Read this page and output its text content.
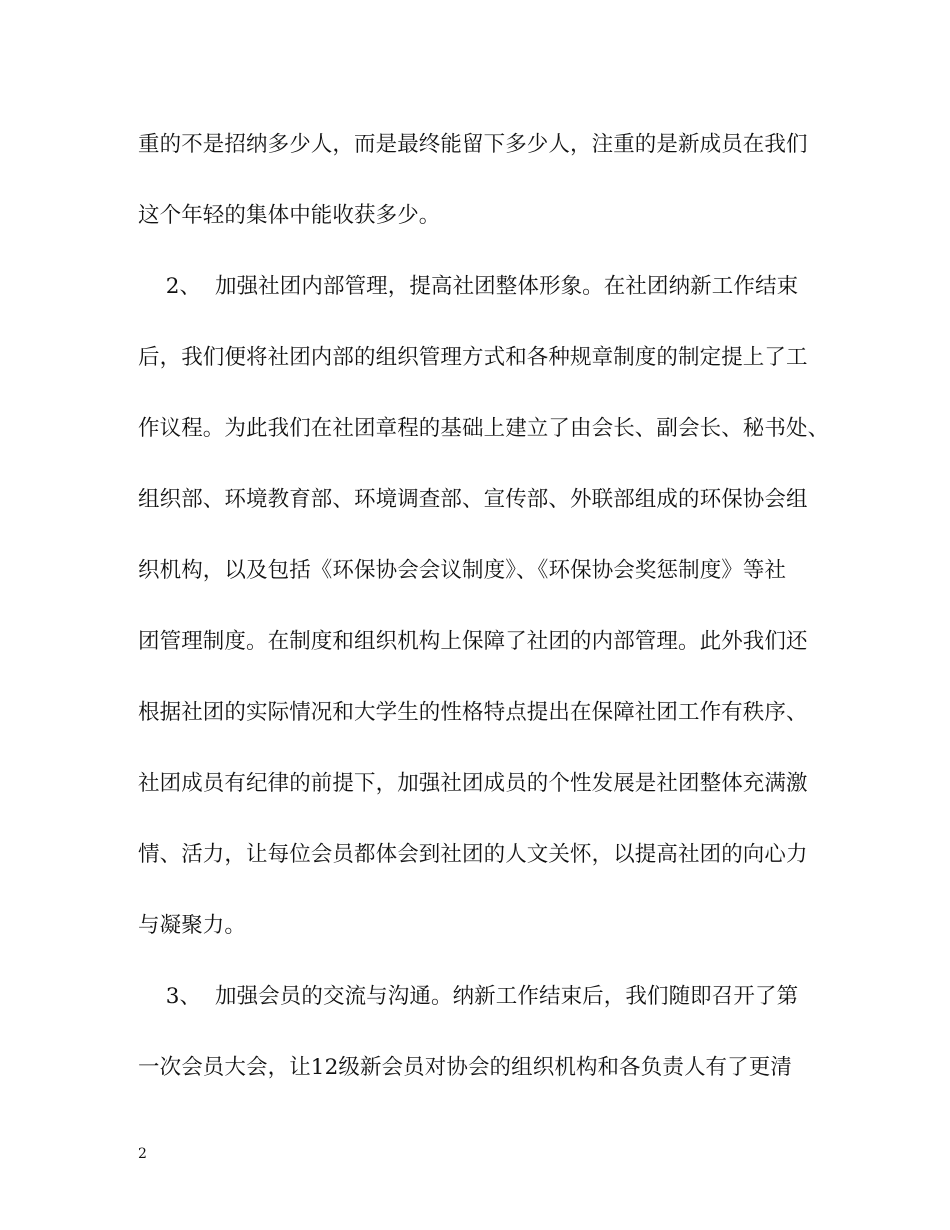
重的不是招纳多少人，而是最终能留下多少人，注重的是新成员在我们
这个年轻的集体中能收获多少。
2、  加强社团内部管理，提高社团整体形象。在社团纳新工作结束
后，我们便将社团内部的组织管理方式和各种规章制度的制定提上了工
作议程。为此我们在社团章程的基础上建立了由会长、副会长、秘书处、
组织部、环境教育部、环境调查部、宣传部、外联部组成的环保协会组
织机构，以及包括《环保协会会议制度》、《环保协会奖惩制度》等社
团管理制度。在制度和组织机构上保障了社团的内部管理。此外我们还
根据社团的实际情况和大学生的性格特点提出在保障社团工作有秩序、
社团成员有纪律的前提下，加强社团成员的个性发展是社团整体充满激
情、活力，让每位会员都体会到社团的人文关怀，以提高社团的向心力
与凝聚力。
3、  加强会员的交流与沟通。纳新工作结束后，我们随即召开了第
一次会员大会，让12级新会员对协会的组织机构和各负责人有了更清
2
